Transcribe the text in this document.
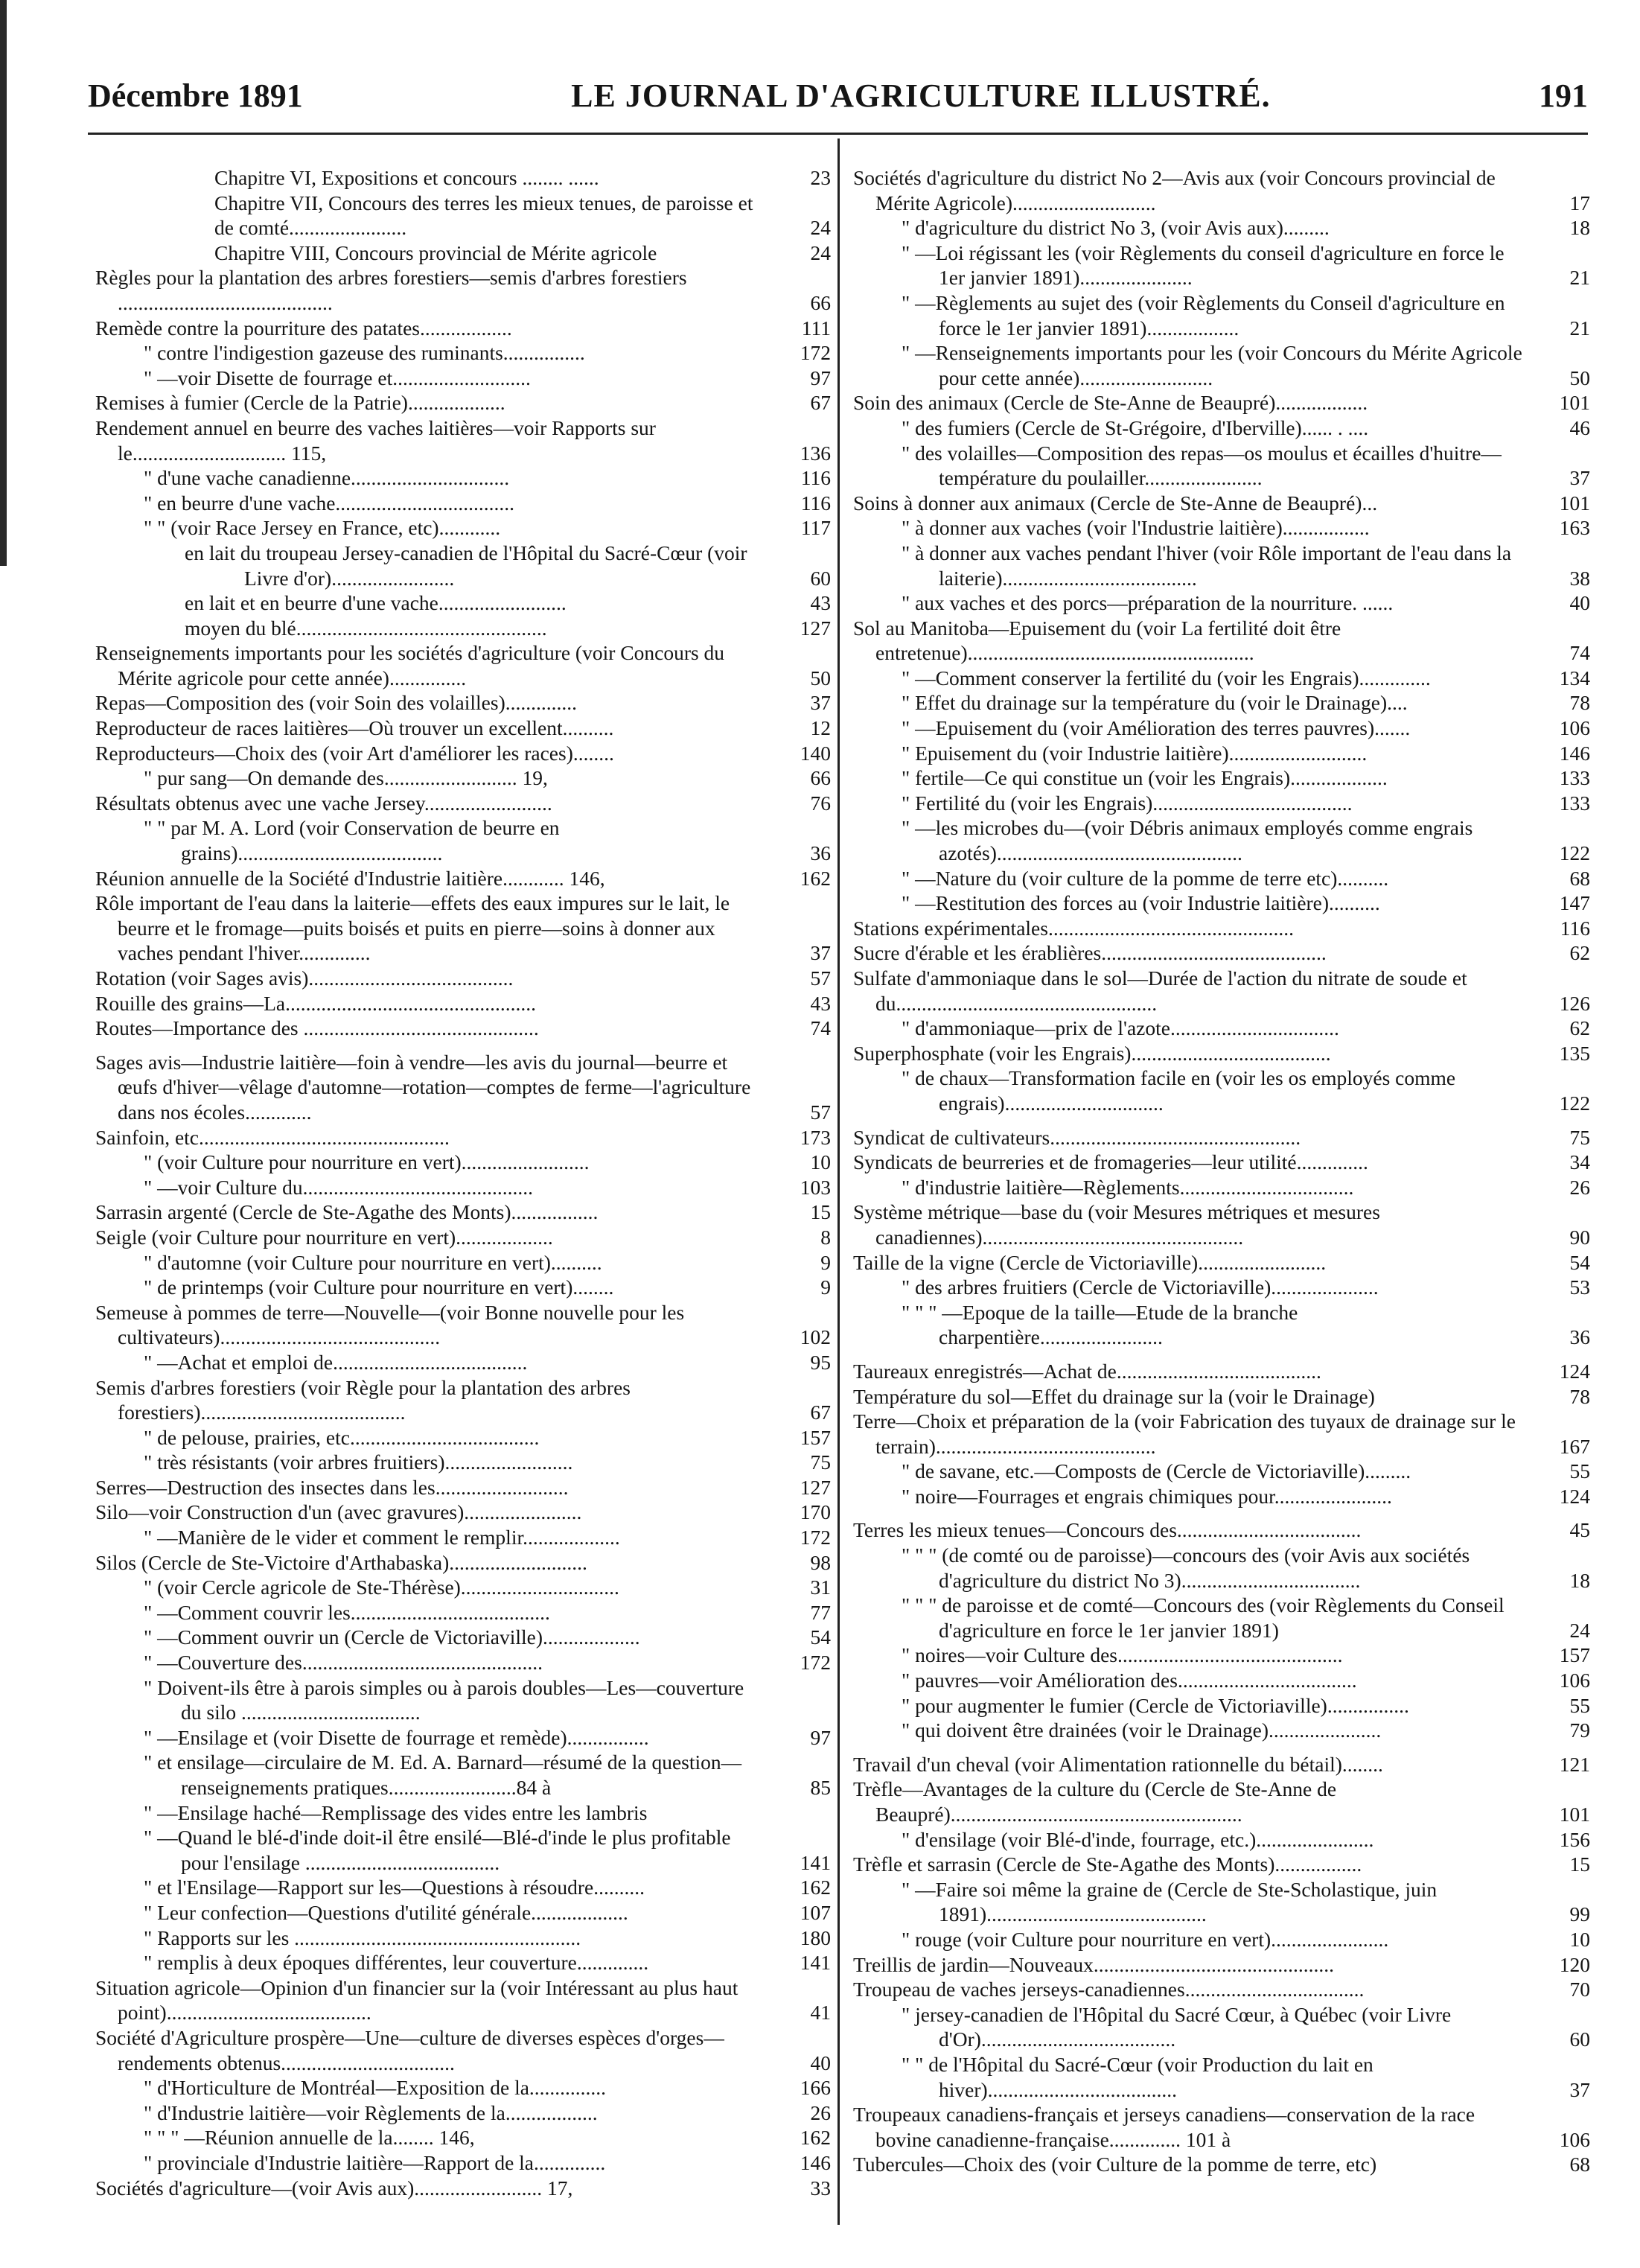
Décembre 1891	LE JOURNAL D'AGRICULTURE ILLUSTRÉ.	191
Chapitre VI, Expositions et concours ........ ......	23
Chapitre VII, Concours des terres les mieux tenues, de paroisse et de comté.......................	24
Chapitre VIII, Concours provincial de Mérite agricole	24
Règles pour la plantation des arbres forestiers—semis d'arbres forestiers ..........................................	66
Remède contre la pourriture des patates..................	111
" contre l'indigestion gazeuse des ruminants................	172
" —voir Disette de fourrage et...........................	97
Remises à fumier (Cercle de la Patrie)...................	67
Rendement annuel en beurre des vaches laitières—voir Rapports sur le.............................. 115,	136
" d'une vache canadienne...............................	116
" en beurre d'une vache...................................	116
" " (voir Race Jersey en France, etc)............	117
en lait du troupeau Jersey-canadien de l'Hôpital du Sacré-Cœur (voir Livre d'or)........................	60
en lait et en beurre d'une vache.........................	43
moyen du blé.................................................	127
Renseignements importants pour les sociétés d'agriculture (voir Concours du Mérite agricole pour cette année)...............	50
Repas—Composition des (voir Soin des volailles)..............	37
Reproducteur de races laitières—Où trouver un excellent..........	12
Reproducteurs—Choix des (voir Art d'améliorer les races)........	140
" pur sang—On demande des.......................... 19,	66
Résultats obtenus avec une vache Jersey.........................	76
" " par M. A. Lord (voir Conservation de beurre en grains)........................................	36
Réunion annuelle de la Société d'Industrie laitière............ 146,	162
Rôle important de l'eau dans la laiterie—effets des eaux impures sur le lait, le beurre et le fromage—puits boisés et puits en pierre—soins à donner aux vaches pendant l'hiver..............	37
Rotation (voir Sages avis)........................................	57
Rouille des grains—La.................................................	43
Routes—Importance des ..............................................	74
Sages avis—Industrie laitière—foin à vendre—les avis du journal—beurre et œufs d'hiver—vêlage d'automne—rotation—comptes de ferme—l'agriculture dans nos écoles.............	57
Sainfoin, etc.................................................	173
" (voir Culture pour nourriture en vert).........................	10
" —voir Culture du.............................................	103
Sarrasin argenté (Cercle de Ste-Agathe des Monts).................	15
Seigle (voir Culture pour nourriture en vert)...................	8
" d'automne (voir Culture pour nourriture en vert)..........	9
" de printemps (voir Culture pour nourriture en vert)........	9
Semeuse à pommes de terre—Nouvelle—(voir Bonne nouvelle pour les cultivateurs)...........................................	102
" —Achat et emploi de......................................	95
Semis d'arbres forestiers (voir Règle pour la plantation des arbres forestiers)........................................	67
" de pelouse, prairies, etc.....................................	157
" très résistants (voir arbres fruitiers).........................	75
Serres—Destruction des insectes dans les..........................	127
Silo—voir Construction d'un (avec gravures).......................	170
" —Manière de le vider et comment le remplir...................	172
Silos (Cercle de Ste-Victoire d'Arthabaska)...........................	98
" (voir Cercle agricole de Ste-Thérèse)...............................	31
" —Comment couvrir les.......................................	77
" —Comment ouvrir un (Cercle de Victoriaville)...................	54
" —Couverture des...............................................	172
" Doivent-ils être à parois simples ou à parois doubles—Les—couverture du silo ...................................
" —Ensilage et (voir Disette de fourrage et remède)................	97
" et ensilage—circulaire de M. Ed. A. Barnard—résumé de la question—renseignements pratiques.........................84 à	85
" —Ensilage haché—Remplissage des vides entre les lambris
" —Quand le blé-d'inde doit-il être ensilé—Blé-d'inde le plus profitable pour l'ensilage ......................................	141
" et l'Ensilage—Rapport sur les—Questions à résoudre..........	162
" Leur confection—Questions d'utilité générale...................	107
" Rapports sur les ........................................................	180
" remplis à deux époques différentes, leur couverture..............	141
Situation agricole—Opinion d'un financier sur la (voir Intéressant au plus haut point)........................................	41
Société d'Agriculture prospère—Une—culture de diverses espèces d'orges—rendements obtenus..................................	40
" d'Horticulture de Montréal—Exposition de la...............	166
" d'Industrie laitière—voir Règlements de la..................	26
" " " —Réunion annuelle de la........ 146,	162
" provinciale d'Industrie laitière—Rapport de la..............	146
Sociétés d'agriculture—(voir Avis aux)......................... 17,	33
Sociétés d'agriculture du district No 2—Avis aux (voir Concours provincial de Mérite Agricole)............................	17
" d'agriculture du district No 3, (voir Avis aux).........	18
" —Loi régissant les (voir Règlements du conseil d'agriculture en force le 1er janvier 1891)......................	21
" —Règlements au sujet des (voir Règlements du Conseil d'agriculture en force le 1er janvier 1891)..................	21
" —Renseignements importants pour les (voir Concours du Mérite Agricole pour cette année)..........................	50
Soin des animaux (Cercle de Ste-Anne de Beaupré)..................	101
" des fumiers (Cercle de St-Grégoire, d'Iberville)...... . ....	46
" des volailles—Composition des repas—os moulus et écailles d'huitre—température du poulailler.......................	37
Soins à donner aux animaux (Cercle de Ste-Anne de Beaupré)...	101
" à donner aux vaches (voir l'Industrie laitière).................	163
" à donner aux vaches pendant l'hiver (voir Rôle important de l'eau dans la laiterie)......................................	38
" aux vaches et des porcs—préparation de la nourriture. ......	40
Sol au Manitoba—Epuisement du (voir La fertilité doit être entretenue)........................................................	74
" —Comment conserver la fertilité du (voir les Engrais)..............	134
" Effet du drainage sur la température du (voir le Drainage)....	78
" —Epuisement du (voir Amélioration des terres pauvres).......	106
" Epuisement du (voir Industrie laitière)...........................	146
" fertile—Ce qui constitue un (voir les Engrais)...................	133
" Fertilité du (voir les Engrais).......................................	133
" —les microbes du—(voir Débris animaux employés comme engrais azotés)................................................	122
" —Nature du (voir culture de la pomme de terre etc)..........	68
" —Restitution des forces au (voir Industrie laitière)..........	147
Stations expérimentales................................................	116
Sucre d'érable et les érablières............................................	62
Sulfate d'ammoniaque dans le sol—Durée de l'action du nitrate de soude et du...................................................	126
" d'ammoniaque—prix de l'azote.................................	62
Superphosphate (voir les Engrais).......................................	135
" de chaux—Transformation facile en (voir les os employés comme engrais)...............................	122
Syndicat de cultivateurs.................................................	75
Syndicats de beurreries et de fromageries—leur utilité..............	34
" d'industrie laitière—Règlements..................................	26
Système métrique—base du (voir Mesures métriques et mesures canadiennes)...................................................	90
Taille de la vigne (Cercle de Victoriaville).........................	54
" des arbres fruitiers (Cercle de Victoriaville).....................	53
" " " —Epoque de la taille—Etude de la branche charpentière........................	36
Taureaux enregistrés—Achat de........................................	124
Température du sol—Effet du drainage sur la (voir le Drainage)	78
Terre—Choix et préparation de la (voir Fabrication des tuyaux de drainage sur le terrain)...........................................	167
" de savane, etc.—Composts de (Cercle de Victoriaville).........	55
" noire—Fourrages et engrais chimiques pour.......................	124
Terres les mieux tenues—Concours des....................................	45
" " " (de comté ou de paroisse)—concours des (voir Avis aux sociétés d'agriculture du district No 3)...................................	18
" " " de paroisse et de comté—Concours des (voir Règlements du Conseil d'agriculture en force le 1er janvier 1891)	24
" noires—voir Culture des............................................	157
" pauvres—voir Amélioration des...................................	106
" pour augmenter le fumier (Cercle de Victoriaville)................	55
" qui doivent être drainées (voir le Drainage)......................	79
Travail d'un cheval (voir Alimentation rationnelle du bétail)........	121
Trèfle—Avantages de la culture du (Cercle de Ste-Anne de Beaupré).........................................................	101
" d'ensilage (voir Blé-d'inde, fourrage, etc.).......................	156
Trèfle et sarrasin (Cercle de Ste-Agathe des Monts).................	15
" —Faire soi même la graine de (Cercle de Ste-Scholastique, juin 1891)...........................................	99
" rouge (voir Culture pour nourriture en vert).......................	10
Treillis de jardin—Nouveaux...............................................	120
Troupeau de vaches jerseys-canadiennes...................................	70
" jersey-canadien de l'Hôpital du Sacré Cœur, à Québec (voir Livre d'Or)......................................	60
" " de l'Hôpital du Sacré-Cœur (voir Production du lait en hiver).....................................	37
Troupeaux canadiens-français et jerseys canadiens—conservation de la race bovine canadienne-française.............. 101 à	106
Tubercules—Choix des (voir Culture de la pomme de terre, etc)	68
